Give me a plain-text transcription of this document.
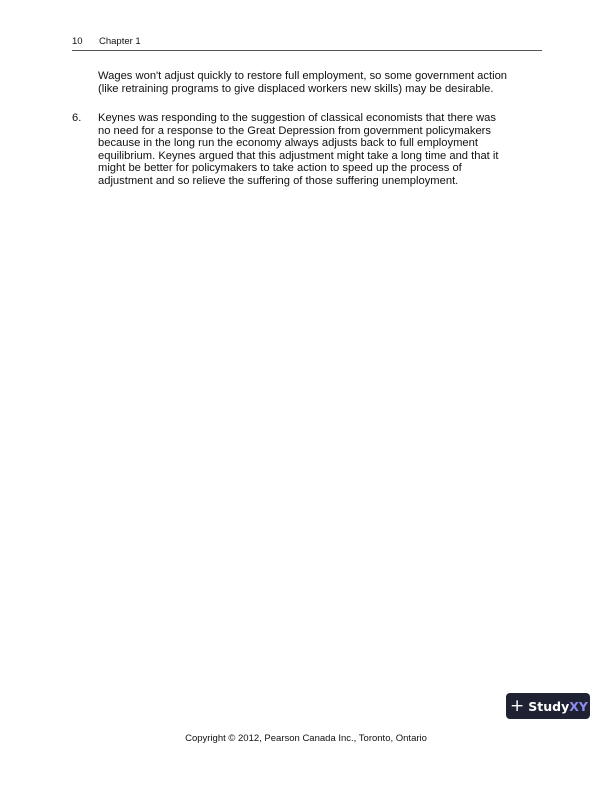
10 Chapter 1
Wages won't adjust quickly to restore full employment, so some government action
(like retraining programs to give displaced workers new skills) may be desirable.
6. Keynes was responding to the suggestion of classical economists that there was
no need for a response to the Great Depression from government policymakers
because in the long run the economy always adjusts back to full employment
equilibrium. Keynes argued that this adjustment might take a long time and that it
might be better for policymakers to take action to speed up the process of
adjustment and so relieve the suffering of those suffering unemployment.
+ Study XY
Copyright © 2012, Pearson Canada Inc., Toronto, Ontario
